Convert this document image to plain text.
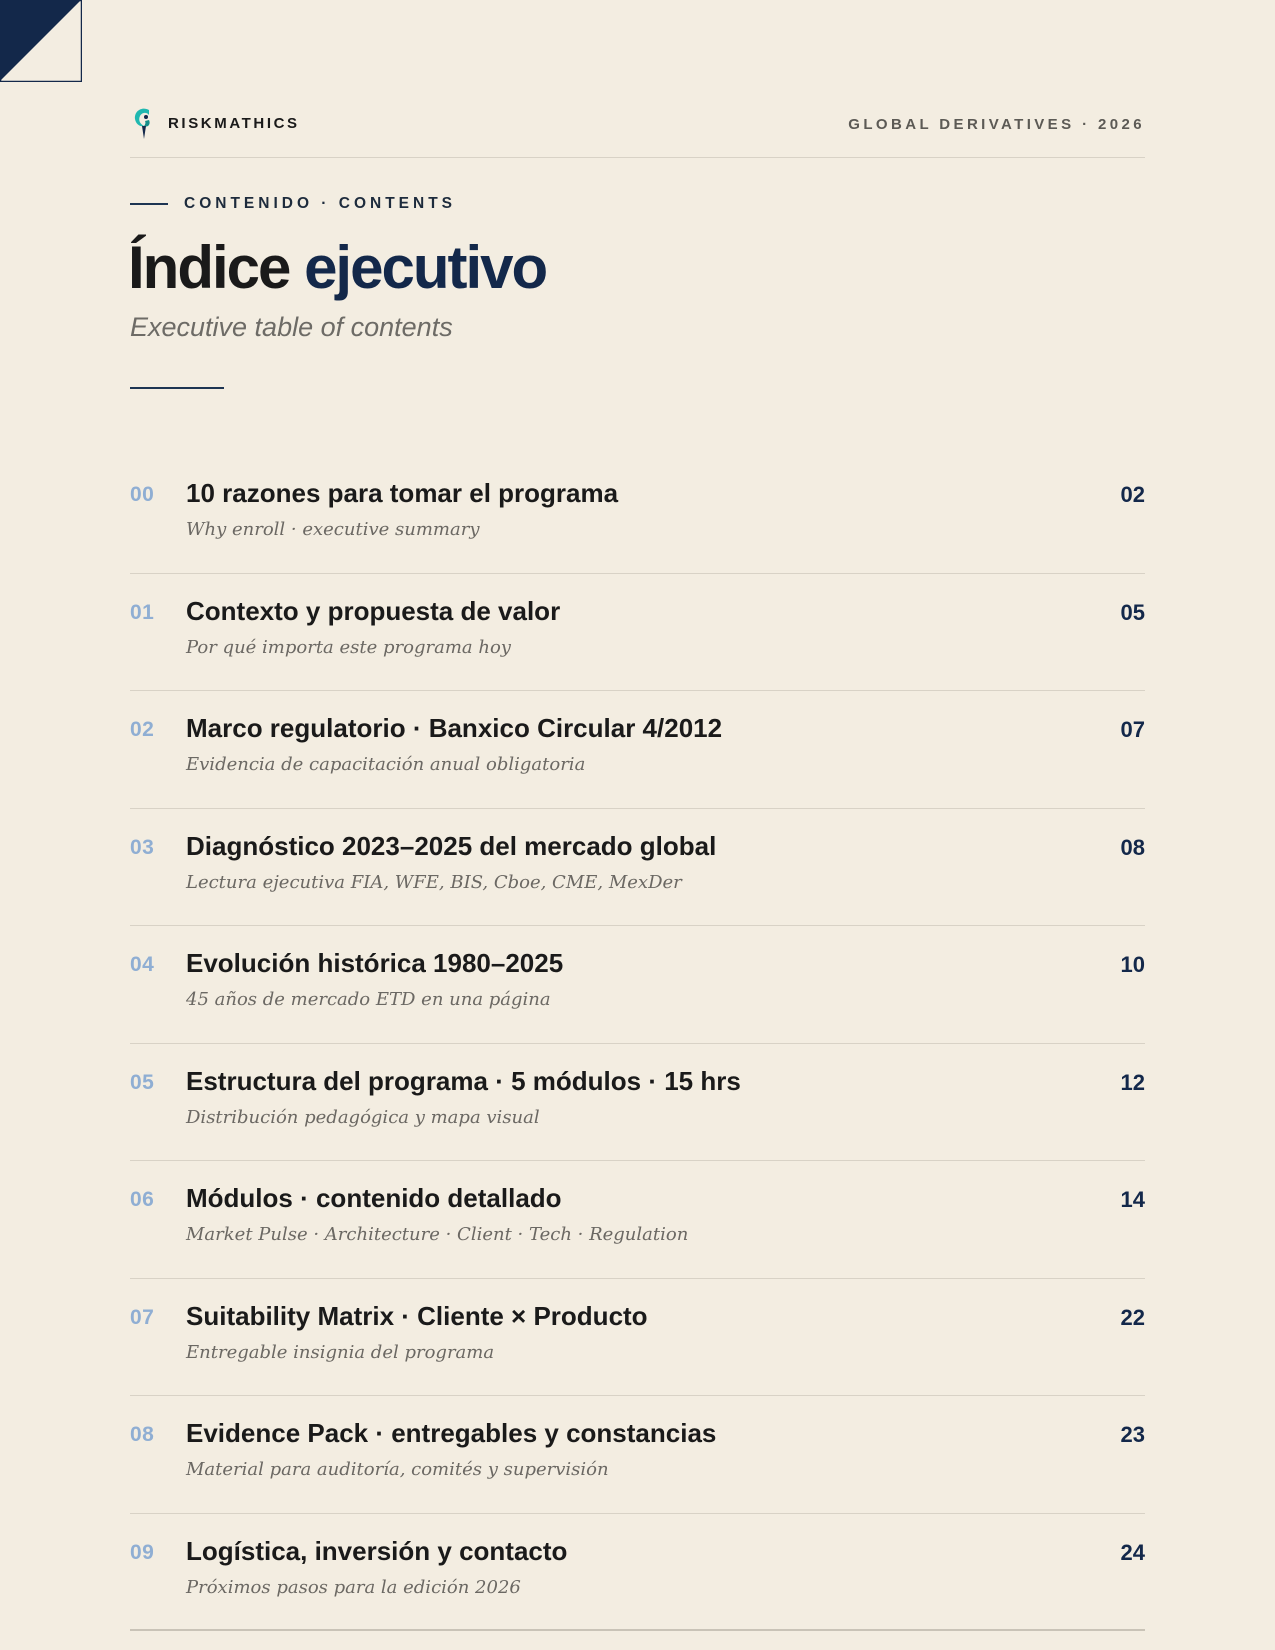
RISKMATHICS	GLOBAL DERIVATIVES · 2026
CONTENIDO · CONTENTS
Índice ejecutivo
Executive table of contents
00 10 razones para tomar el programa
Why enroll · executive summary
02
01 Contexto y propuesta de valor
Por qué importa este programa hoy
05
02 Marco regulatorio · Banxico Circular 4/2012
Evidencia de capacitación anual obligatoria
07
03 Diagnóstico 2023–2025 del mercado global
Lectura ejecutiva FIA, WFE, BIS, Cboe, CME, MexDer
08
04 Evolución histórica 1980–2025
45 años de mercado ETD en una página
10
05 Estructura del programa · 5 módulos · 15 hrs
Distribución pedagógica y mapa visual
12
06 Módulos · contenido detallado
Market Pulse · Architecture · Client · Tech · Regulation
14
07 Suitability Matrix · Cliente × Producto
Entregable insignia del programa
22
08 Evidence Pack · entregables y constancias
Material para auditoría, comités y supervisión
23
09 Logística, inversión y contacto
Próximos pasos para la edición 2026
24
